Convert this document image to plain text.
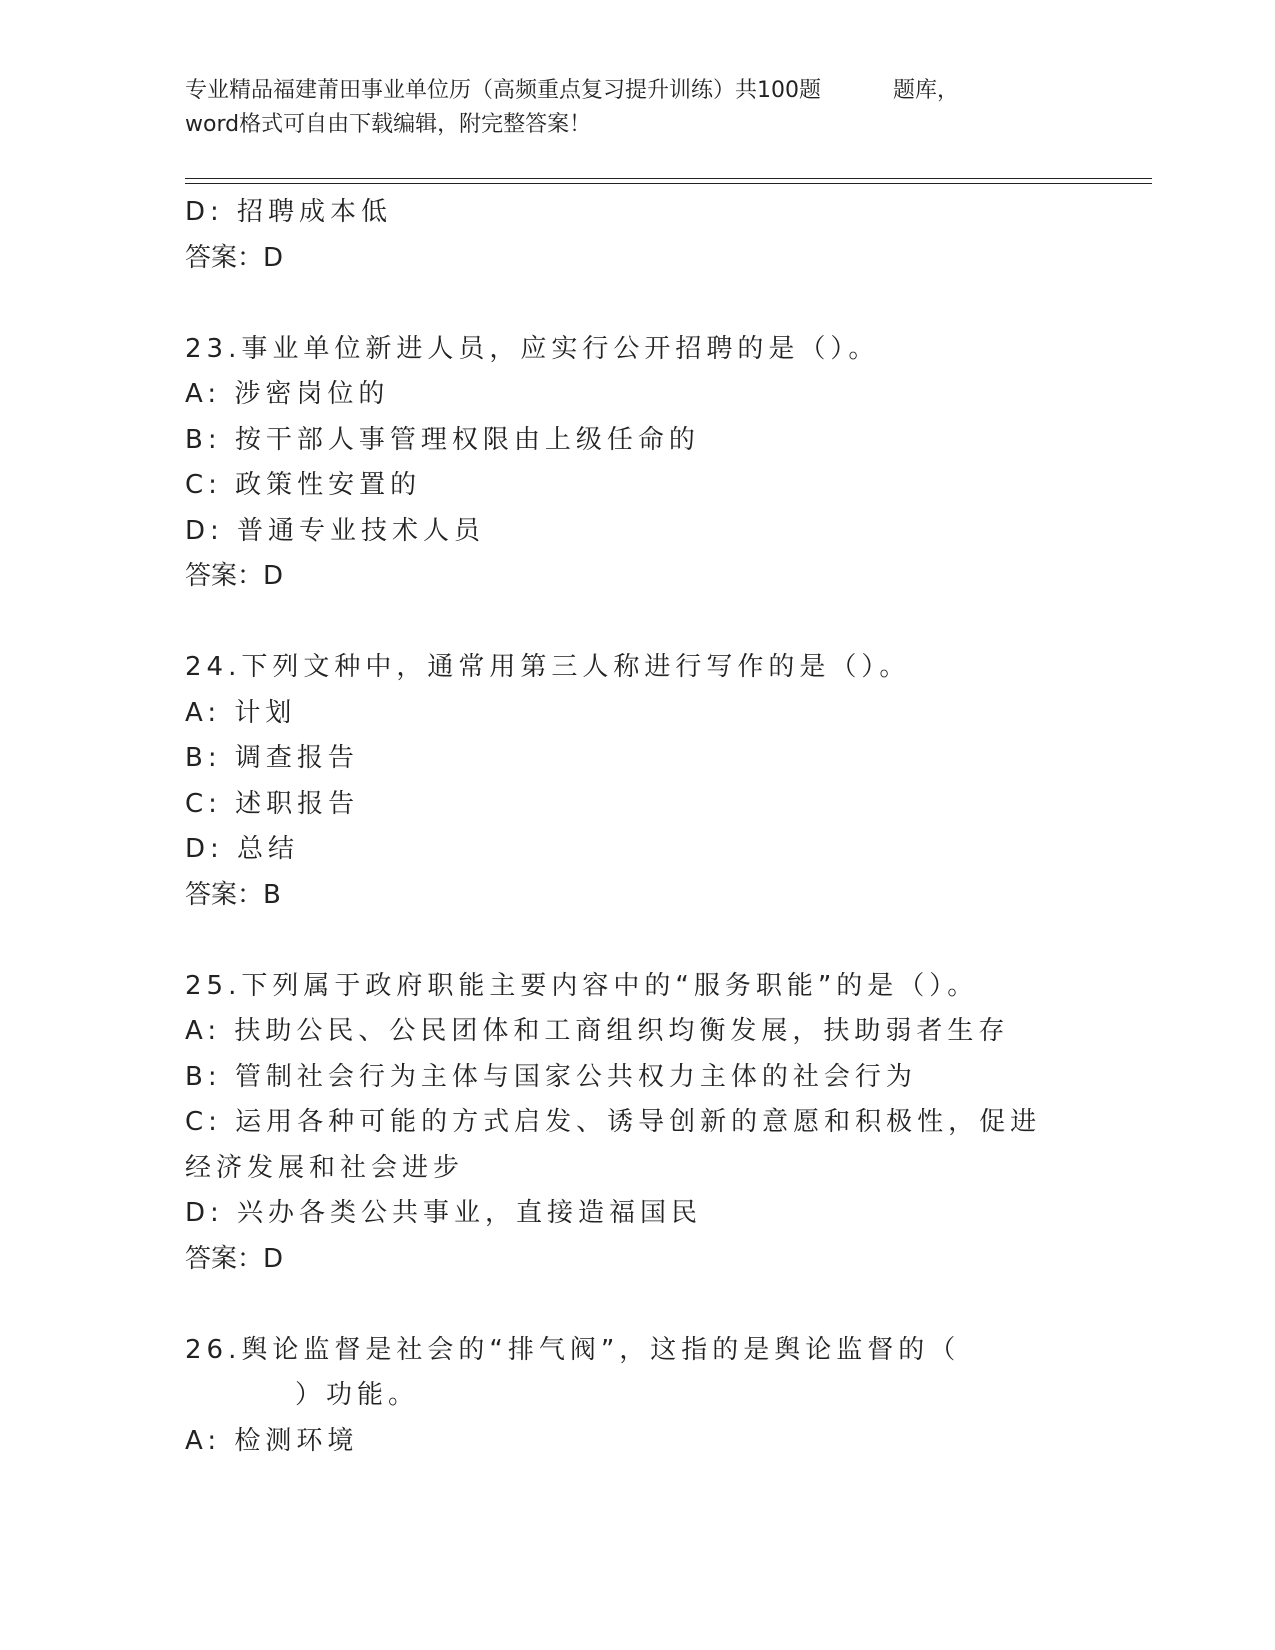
专业精品福建莆田事业单位历（高频重点复习提升训练）共100题	题库，
word格式可自由下载编辑，附完整答案！
D: 招聘成本低
答案：D
23.事业单位新进人员，应实行公开招聘的是（）。
A: 涉密岗位的
B: 按干部人事管理权限由上级任命的
C: 政策性安置的
D: 普通专业技术人员
答案：D
24.下列文种中，通常用第三人称进行写作的是（）。
A: 计划
B: 调查报告
C: 述职报告
D: 总结
答案：B
25.下列属于政府职能主要内容中的“服务职能”的是（）。
A: 扶助公民、公民团体和工商组织均衡发展，扶助弱者生存
B: 管制社会行为主体与国家公共权力主体的社会行为
C: 运用各种可能的方式启发、诱导创新的意愿和积极性，促进经济发展和社会进步
D: 兴办各类公共事业，直接造福国民
答案：D
26.舆论监督是社会的“排气阀”，这指的是舆论监督的（）功能。
A: 检测环境
